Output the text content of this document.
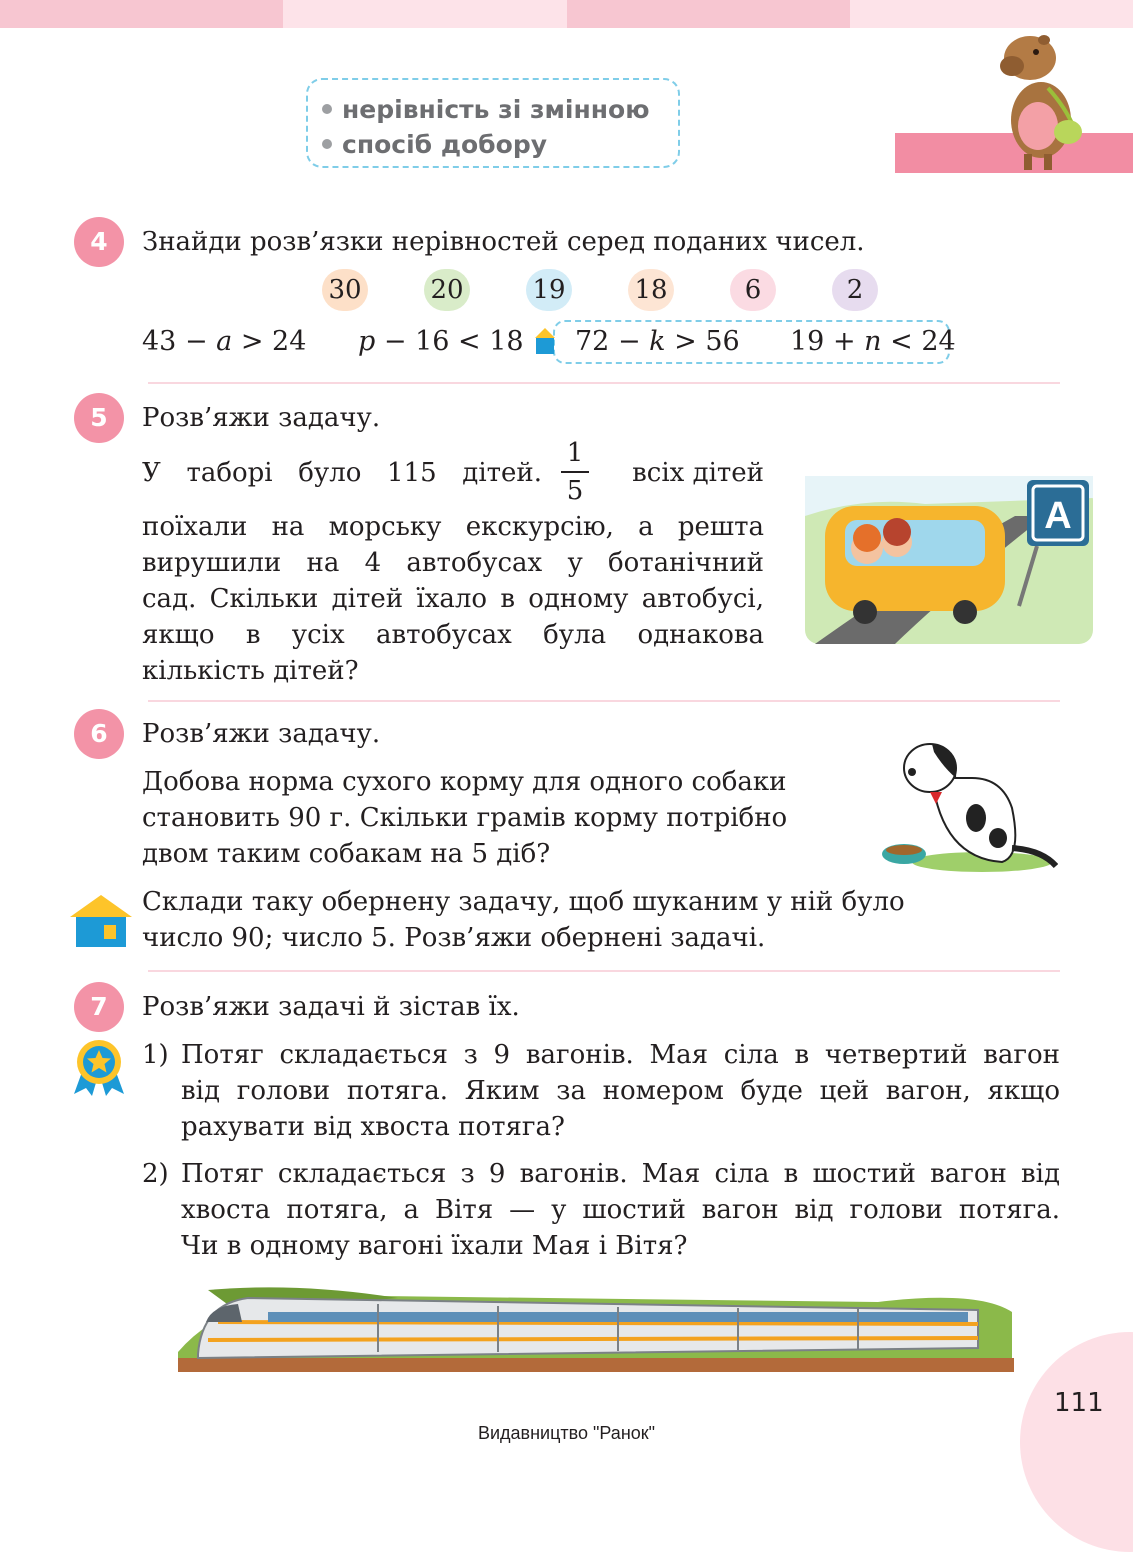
нерівність зі змінною
спосіб добору
4	Знайди розв’язки нерівностей серед поданих чисел.
30	20	19	18	6	2
43 − a > 24 p − 16 < 18 72 − k > 56 19 + n < 24
5	Розв’яжи задачу.
У таборі було 115 дітей.
1
5
всіх дітей
поїхали на морську екскурсію, а решта
вирушили на 4 автобусах у ботанічний
сад. Скільки дітей їхало в одному автобусі,
якщо в усіх автобусах була однакова
кількість дітей?
A
6	Розв’яжи задачу.
Добова норма сухого корму для одного собаки
становить 90 г. Скільки грамів корму потрібно
двом таким собакам на 5 діб?
Склади таку обернену задачу, щоб шуканим у ній було
число 90; число 5. Розв’яжи обернені задачі.
7	Розв’яжи задачі й зістав їх.
1) Потяг складається з 9 вагонів. Мая сіла в четвертий вагон
від голови потяга. Яким за номером буде цей вагон, якщо
рахувати від хвоста потяга?
2) Потяг складається з 9 вагонів. Мая сіла в шостий вагон від
хвоста потяга, а Вітя — у шостий вагон від голови потяга.
Чи в одному вагоні їхали Мая і Вітя?
111
Видавництво "Ранок"
